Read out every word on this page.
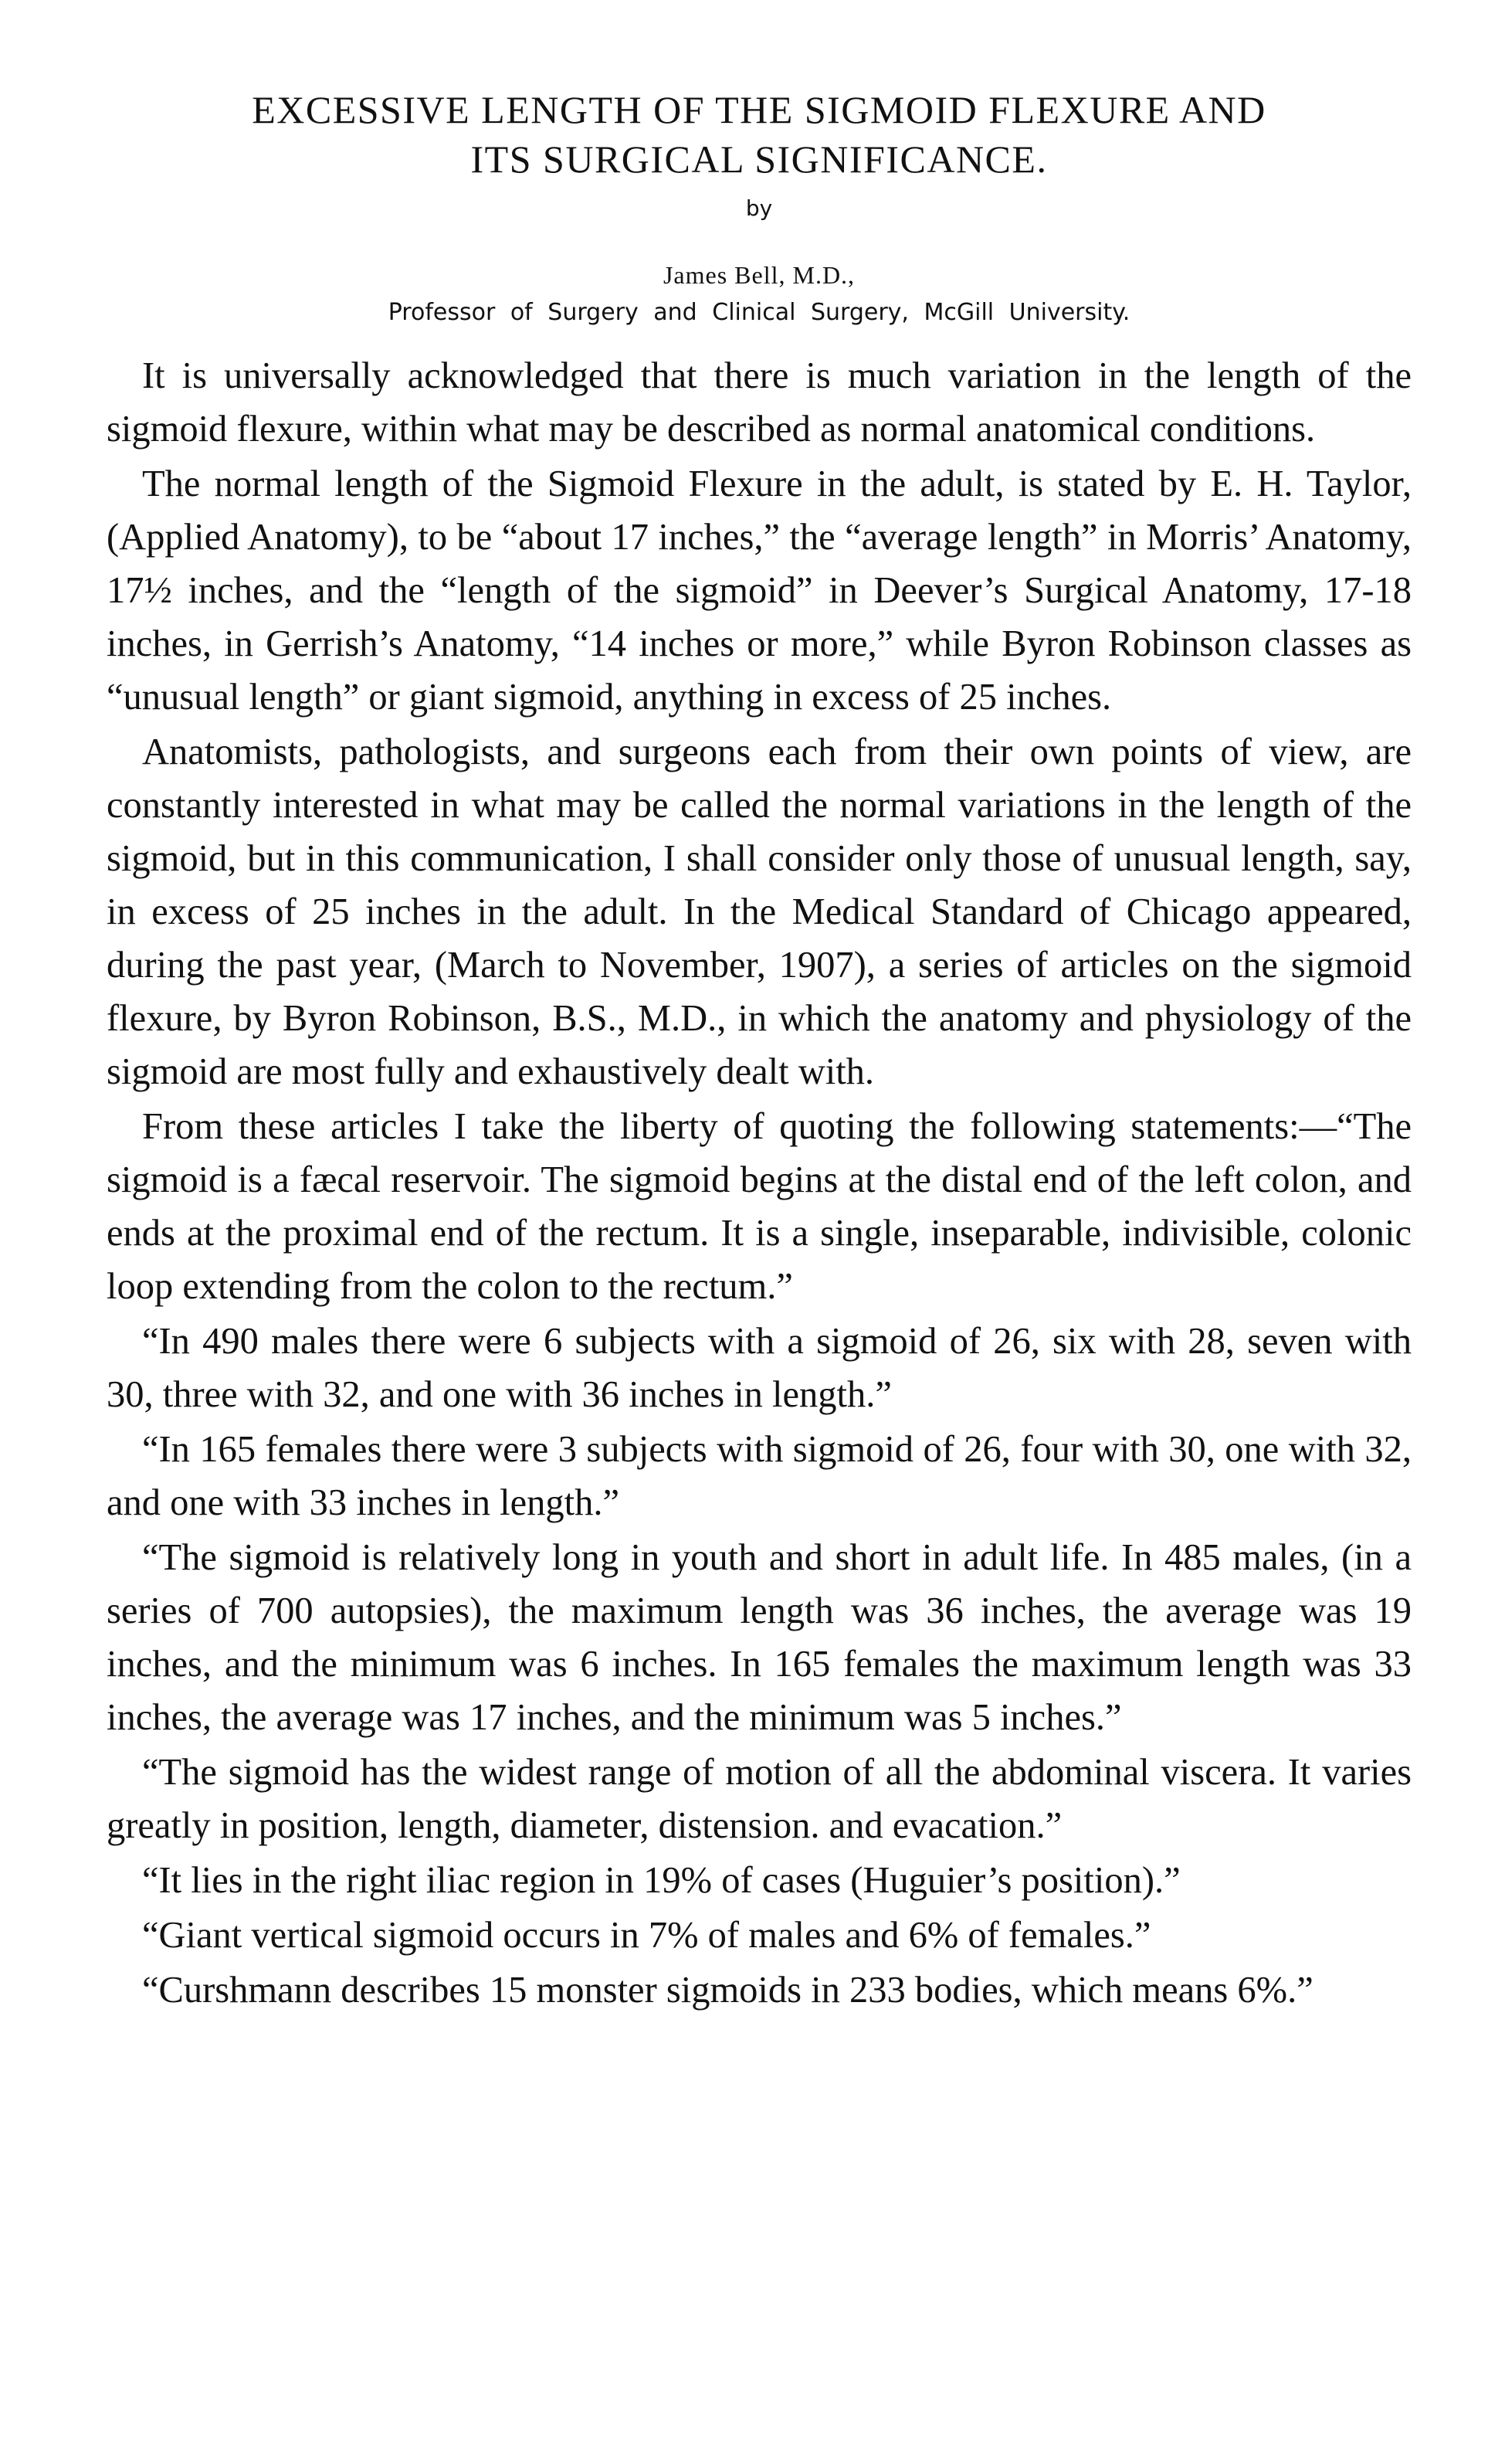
EXCESSIVE LENGTH OF THE SIGMOID FLEXURE AND
ITS SURGICAL SIGNIFICANCE.
by
James Bell, M.D.,
Professor of Surgery and Clinical Surgery, McGill University.

It is universally acknowledged that there is much variation in the length of the sigmoid flexure, within what may be described as normal anatomical conditions.

The normal length of the Sigmoid Flexure in the adult, is stated by E. H. Taylor, (Applied Anatomy), to be “about 17 inches,” the “average length” in Morris’ Anatomy, 17½ inches, and the “length of the sigmoid” in Deever’s Surgical Anatomy, 17-18 inches, in Gerrish’s Anatomy, “14 inches or more,” while Byron Robinson classes as “unusual length” or giant sigmoid, anything in excess of 25 inches.

Anatomists, pathologists, and surgeons each from their own points of view, are constantly interested in what may be called the normal variations in the length of the sigmoid, but in this communication, I shall consider only those of unusual length, say, in excess of 25 inches in the adult. In the Medical Standard of Chicago appeared, during the past year, (March to November, 1907), a series of articles on the sigmoid flexure, by Byron Robinson, B.S., M.D., in which the anatomy and physiology of the sigmoid are most fully and exhaustively dealt with.

From these articles I take the liberty of quoting the following statements:—“The sigmoid is a fæcal reservoir. The sigmoid begins at the distal end of the left colon, and ends at the proximal end of the rectum. It is a single, inseparable, indivisible, colonic loop extending from the colon to the rectum.”

“In 490 males there were 6 subjects with a sigmoid of 26, six with 28, seven with 30, three with 32, and one with 36 inches in length.”

“In 165 females there were 3 subjects with sigmoid of 26, four with 30, one with 32, and one with 33 inches in length.”

“The sigmoid is relatively long in youth and short in adult life. In 485 males, (in a series of 700 autopsies), the maximum length was 36 inches, the average was 19 inches, and the minimum was 6 inches. In 165 females the maximum length was 33 inches, the average was 17 inches, and the minimum was 5 inches.”

“The sigmoid has the widest range of motion of all the abdominal viscera. It varies greatly in position, length, diameter, distension. and evacation.”

“It lies in the right iliac region in 19% of cases (Huguier’s position).”

“Giant vertical sigmoid occurs in 7% of males and 6% of females.”

“Curshmann describes 15 monster sigmoids in 233 bodies, which means 6%.”
